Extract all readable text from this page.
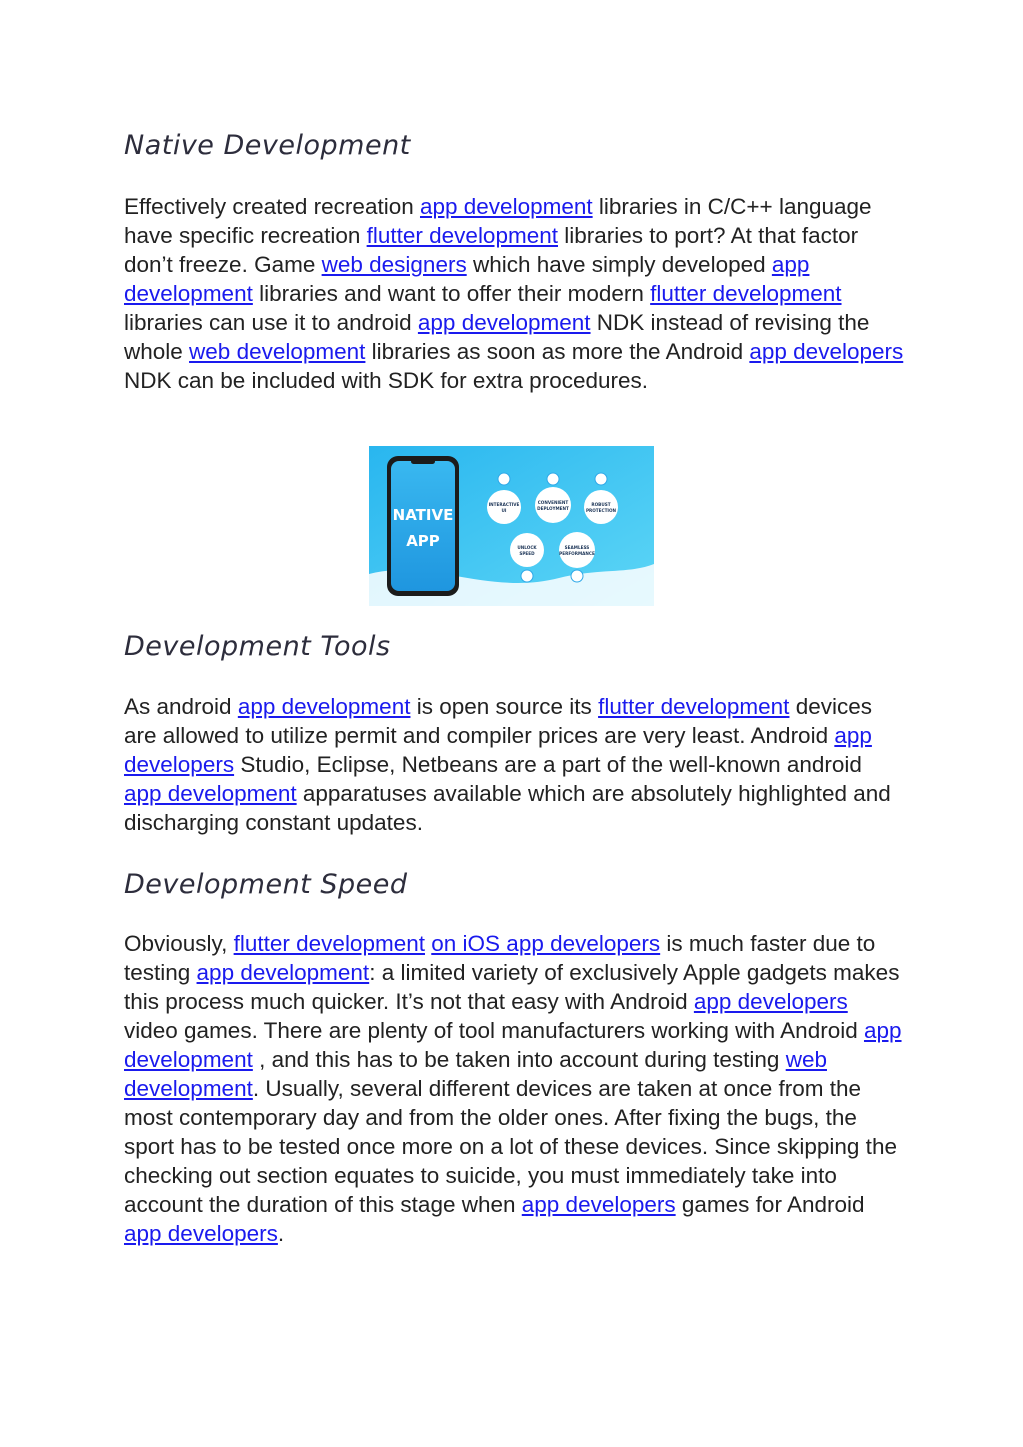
Native Development

Effectively created recreation app development libraries in C/C++ language have specific recreation flutter development libraries to port? At that factor don’t freeze. Game web designers which have simply developed app development libraries and want to offer their modern flutter development libraries can use it to android app development NDK instead of revising the whole web development libraries as soon as more the Android app developers NDK can be included with SDK for extra procedures.

Development Tools

As android app development is open source its flutter development devices are allowed to utilize permit and compiler prices are very least. Android app developers Studio, Eclipse, Netbeans are a part of the well-known android app development apparatuses available which are absolutely highlighted and discharging constant updates.

Development Speed

Obviously, flutter development on iOS app developers is much faster due to testing app development: a limited variety of exclusively Apple gadgets makes this process much quicker. It’s not that easy with Android app developers video games. There are plenty of tool manufacturers working with Android app development , and this has to be taken into account during testing web development. Usually, several different devices are taken at once from the most contemporary day and from the older ones. After fixing the bugs, the sport has to be tested once more on a lot of these devices. Since skipping the checking out section equates to suicide, you must immediately take into account the duration of this stage when app developers games for Android app developers.

NATIVE
APP
INTERACTIVE
UI
CONVENIENT
DEPLOYMENT
ROBUST
PROTECTION
UNLOCK
SPEED
SEAMLESS
PERFORMANCE
